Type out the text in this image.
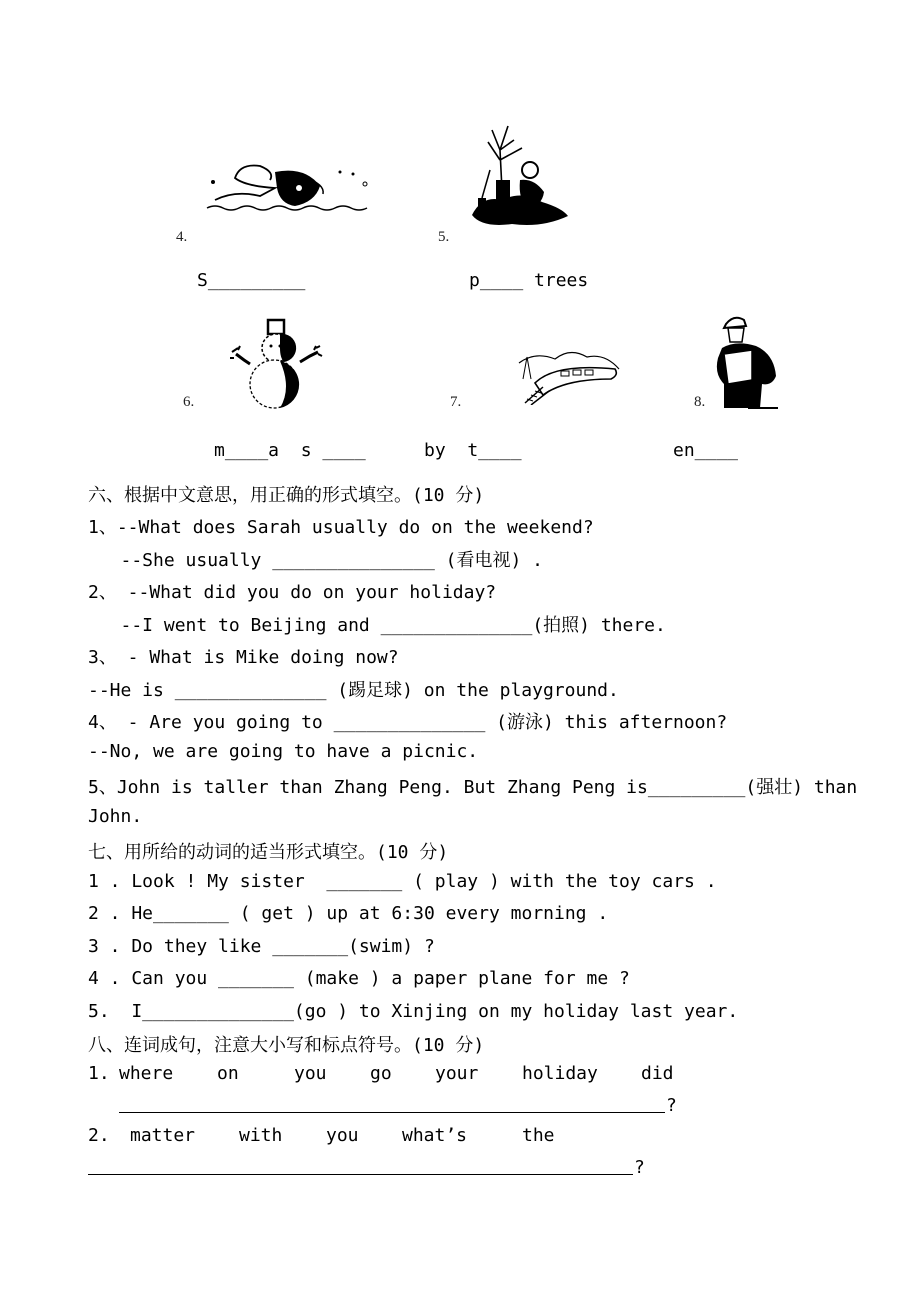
4.	5.
S_________	p____ trees
6.	7.	8.
m____a  s ____	by  t____	en____
六、根据中文意思，用正确的形式填空。(10 分)
1、--What does Sarah usually do on the weekend?
--She usually _______________ (看电视) .
2、 --What did you do on your holiday?
--I went to Beijing and ______________(拍照) there.
3、 - What is Mike doing now?
--He is ______________ (踢足球) on the playground.
4、 - Are you going to ______________ (游泳) this afternoon?
--No, we are going to have a picnic.
5、John is taller than Zhang Peng. But Zhang Peng is_________(强壮) than
John.
七、用所给的动词的适当形式填空。(10 分)
1 . Look ! My sister  _______ ( play ) with the toy cars .
2 . He_______ ( get ) up at 6:30 every morning .
3 . Do they like _______(swim) ?
4 . Can you _______ (make ) a paper plane for me ?
5.  I______________(go ) to Xinjing on my holiday last year.
八、连词成句，注意大小写和标点符号。(10 分)
1. where on	you go your holiday did
?
2. matter with you what’s	the
?
